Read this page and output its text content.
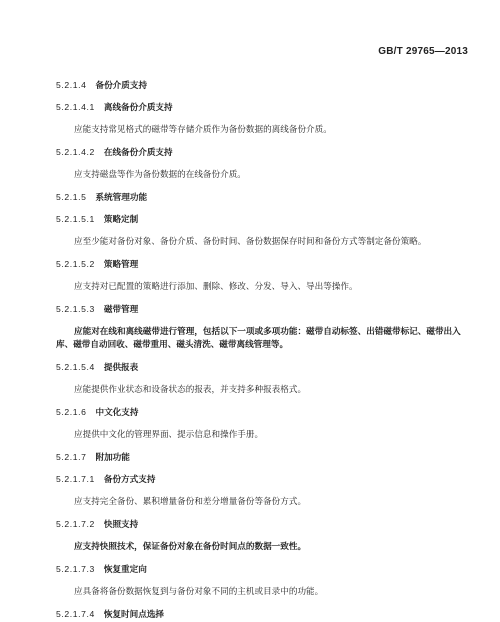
GB/T 29765—2013
5.2.1.4 备份介质支持
5.2.1.4.1 离线备份介质支持
应能支持常见格式的磁带等存储介质作为备份数据的离线备份介质。
5.2.1.4.2 在线备份介质支持
应支持磁盘等作为备份数据的在线备份介质。
5.2.1.5 系统管理功能
5.2.1.5.1 策略定制
应至少能对备份对象、备份介质、备份时间、备份数据保存时间和备份方式等制定备份策略。
5.2.1.5.2 策略管理
应支持对已配置的策略进行添加、删除、修改、分发、导入、导出等操作。
5.2.1.5.3 磁带管理
应能对在线和离线磁带进行管理，包括以下一项或多项功能：磁带自动标签、出错磁带标记、磁带出入库、磁带自动回收、磁带重用、磁头清洗、磁带离线管理等。
5.2.1.5.4 提供报表
应能提供作业状态和设备状态的报表，并支持多种报表格式。
5.2.1.6 中文化支持
应提供中文化的管理界面、提示信息和操作手册。
5.2.1.7 附加功能
5.2.1.7.1 备份方式支持
应支持完全备份、累积增量备份和差分增量备份等备份方式。
5.2.1.7.2 快照支持
应支持快照技术，保证备份对象在备份时间点的数据一致性。
5.2.1.7.3 恢复重定向
应具备将备份数据恢复到与备份对象不同的主机或目录中的功能。
5.2.1.7.4 恢复时间点选择
